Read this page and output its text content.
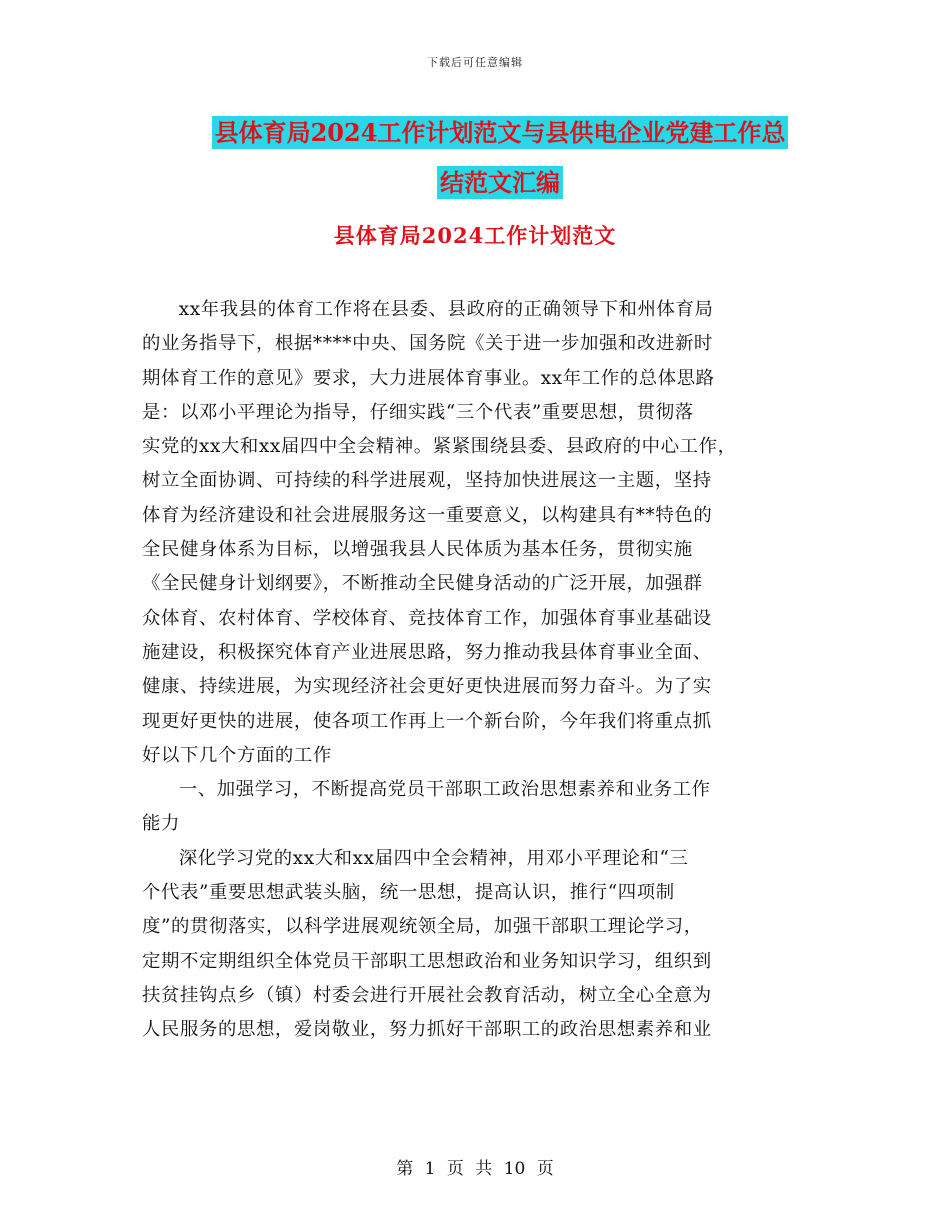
下载后可任意编辑
县体育局2024工作计划范文与县供电企业党建工作总
结范文汇编
县体育局2024工作计划范文

xx年我县的体育工作将在县委、县政府的正确领导下和州体育局
的业务指导下，根据****中央、国务院《关于进一步加强和改进新时
期体育工作的意见》要求，大力进展体育事业。xx年工作的总体思路
是：以邓小平理论为指导，仔细实践“三个代表”重要思想，贯彻落
实党的xx大和xx届四中全会精神。紧紧围绕县委、县政府的中心工作，
树立全面协调、可持续的科学进展观，坚持加快进展这一主题，坚持
体育为经济建设和社会进展服务这一重要意义，以构建具有**特色的
全民健身体系为目标，以增强我县人民体质为基本任务，贯彻实施
《全民健身计划纲要》，不断推动全民健身活动的广泛开展，加强群
众体育、农村体育、学校体育、竞技体育工作，加强体育事业基础设
施建设，积极探究体育产业进展思路，努力推动我县体育事业全面、
健康、持续进展，为实现经济社会更好更快进展而努力奋斗。为了实
现更好更快的进展，使各项工作再上一个新台阶，今年我们将重点抓
好以下几个方面的工作

一、加强学习，不断提高党员干部职工政治思想素养和业务工作
能力

深化学习党的xx大和xx届四中全会精神，用邓小平理论和“三
个代表”重要思想武装头脑，统一思想，提高认识，推行“四项制
度”的贯彻落实，以科学进展观统领全局，加强干部职工理论学习，
定期不定期组织全体党员干部职工思想政治和业务知识学习，组织到
扶贫挂钩点乡（镇）村委会进行开展社会教育活动，树立全心全意为
人民服务的思想，爱岗敬业，努力抓好干部职工的政治思想素养和业

第 1 页 共 10 页
